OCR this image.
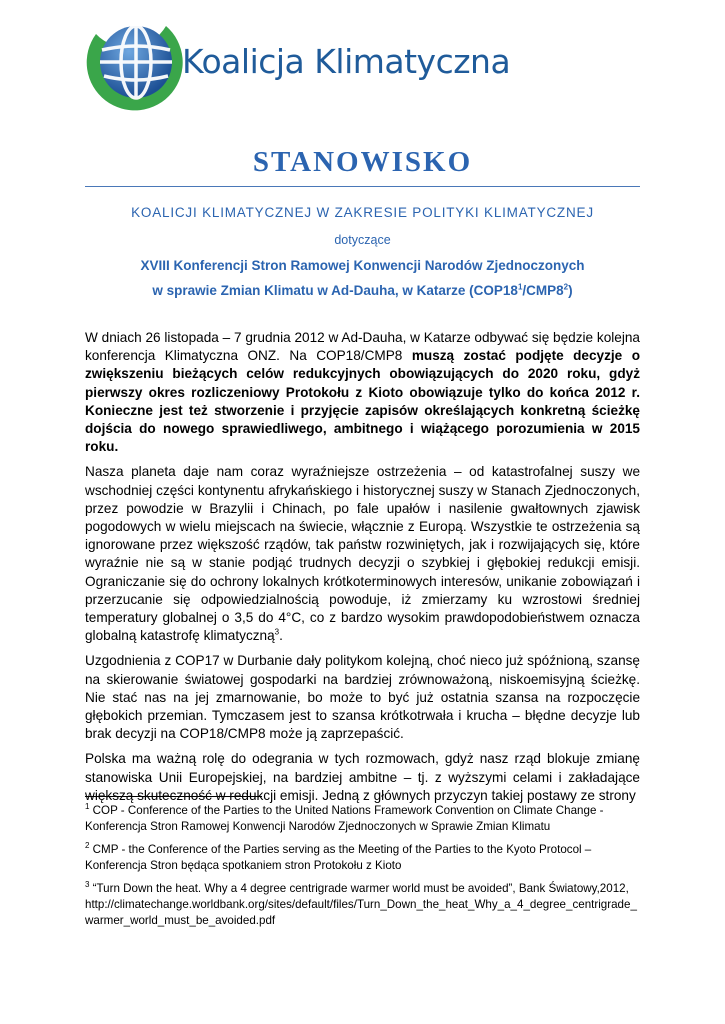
Koalicja Klimatyczna
STANOWISKO
KOALICJI KLIMATYCZNEJ W ZAKRESIE POLITYKI KLIMATYCZNEJ
dotyczące
XVIII Konferencji Stron Ramowej Konwencji Narodów Zjednoczonych
w sprawie Zmian Klimatu w Ad-Dauha, w Katarze $(COP18^1/CMP8^2)$

W dniach 26 listopada – 7 grudnia 2012 w Ad-Dauha, w Katarze odbywać się będzie kolejna konferencja Klimatyczna ONZ. Na COP18/CMP8 muszą zostać podjęte decyzje o zwiększeniu bieżących celów redukcyjnych obowiązujących do 2020 roku, gdyż pierwszy okres rozliczeniowy Protokołu z Kioto obowiązuje tylko do końca 2012 r. Konieczne jest też stworzenie i przyjęcie zapisów określających konkretną ścieżkę dojścia do nowego sprawiedliwego, ambitnego i wiążącego porozumienia w 2015 roku.

Nasza planeta daje nam coraz wyraźniejsze ostrzeżenia – od katastrofalnej suszy we wschodniej części kontynentu afrykańskiego i historycznej suszy w Stanach Zjednoczonych, przez powodzie w Brazylii i Chinach, po fale upałów i nasilenie gwałtownych zjawisk pogodowych w wielu miejscach na świecie, włącznie z Europą. Wszystkie te ostrzeżenia są ignorowane przez większość rządów, tak państw rozwiniętych, jak i rozwijających się, które wyraźnie nie są w stanie podjąć trudnych decyzji o szybkiej i głębokiej redukcji emisji. Ograniczanie się do ochrony lokalnych krótkoterminowych interesów, unikanie zobowiązań i przerzucanie się odpowiedzialnością powoduje, iż zmierzamy ku wzrostowi średniej temperatury globalnej o 3,5 do 4°C, co z bardzo wysokim prawdopodobieństwem oznacza globalną katastrofę klimatyczną$^3$.

Uzgodnienia z COP17 w Durbanie dały politykom kolejną, choć nieco już spóźnioną, szansę na skierowanie światowej gospodarki na bardziej zrównoważoną, niskoemisyjną ścieżkę. Nie stać nas na jej zmarnowanie, bo może to być już ostatnia szansa na rozpoczęcie głębokich przemian. Tymczasem jest to szansa krótkotrwała i krucha – błędne decyzje lub brak decyzji na COP18/CMP8 może ją zaprzepaścić.

Polska ma ważną rolę do odegrania w tych rozmowach, gdyż nasz rząd blokuje zmianę stanowiska Unii Europejskiej, na bardziej ambitne – tj. z wyższymi celami i zakładające większą skuteczność w redukcji emisji. Jedną z głównych przyczyn takiej postawy ze strony

$^1$ COP - Conference of the Parties to the United Nations Framework Convention on Climate Change - Konferencja Stron Ramowej Konwencji Narodów Zjednoczonych w Sprawie Zmian Klimatu
$^2$ CMP - the Conference of the Parties serving as the Meeting of the Parties to the Kyoto Protocol – Konferencja Stron będąca spotkaniem stron Protokołu z Kioto
$^3$ “Turn Down the heat. Why a 4 degree centrigrade warmer world must be avoided”, Bank Światowy,2012,
http://climatechange.worldbank.org/sites/default/files/Turn_Down_the_heat_Why_a_4_degree_centrigrade_warmer_world_must_be_avoided.pdf
